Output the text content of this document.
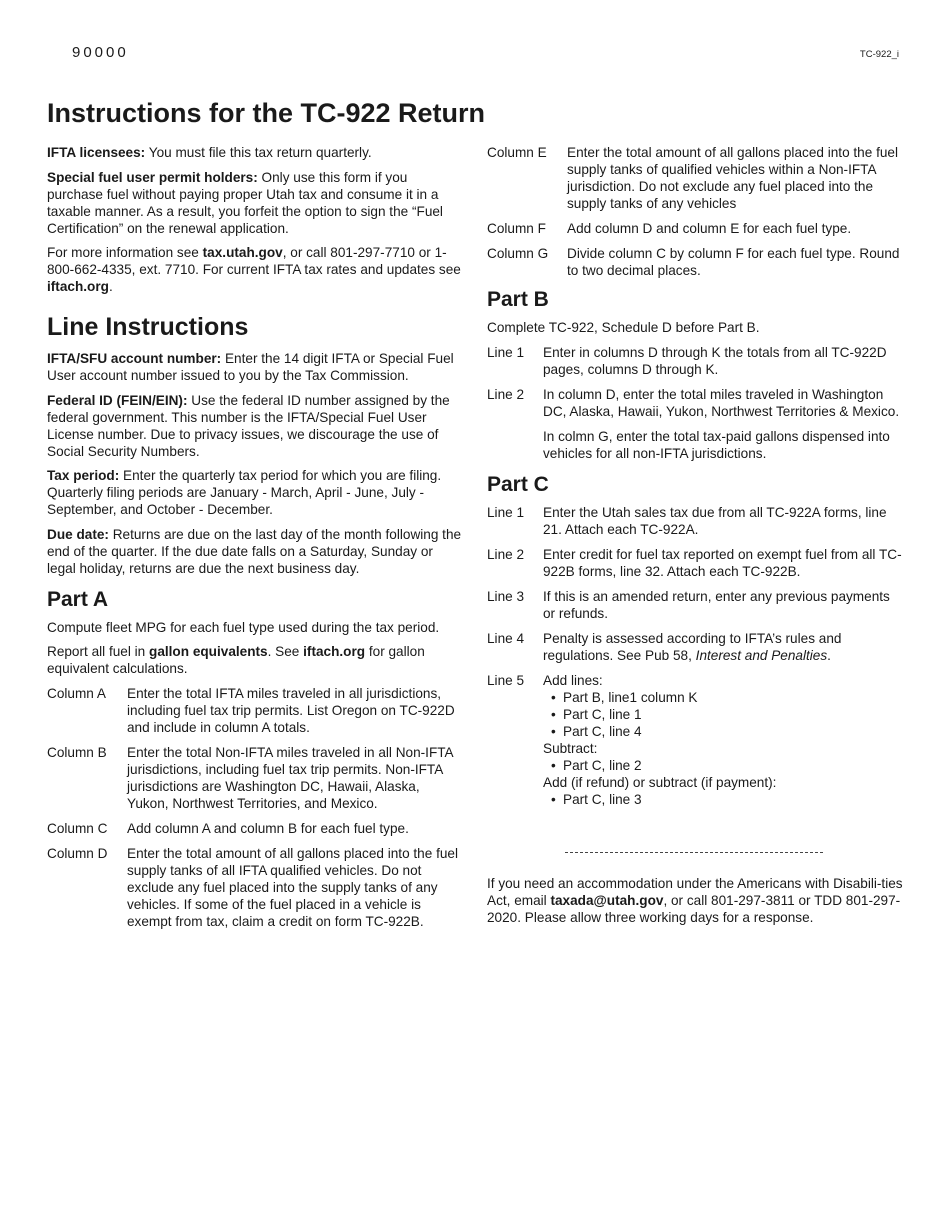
90000	TC-922_i
Instructions for the TC-922 Return

IFTA licensees: You must file this tax return quarterly.

Special fuel user permit holders: Only use this form if you purchase fuel without paying proper Utah tax and consume it in a taxable manner. As a result, you forfeit the option to sign the “Fuel Certification” on the renewal application.

For more information see tax.utah.gov, or call 801-297-7710 or 1-800-662-4335, ext. 7710. For current IFTA tax rates and updates see iftach.org.

Line Instructions

IFTA/SFU account number: Enter the 14 digit IFTA or Special Fuel User account number issued to you by the Tax Commission.

Federal ID (FEIN/EIN): Use the federal ID number assigned by the federal government. This number is the IFTA/Special Fuel User License number. Due to privacy issues, we discourage the use of Social Security Numbers.

Tax period: Enter the quarterly tax period for which you are filing. Quarterly filing periods are January - March, April - June, July - September, and October - December.

Due date: Returns are due on the last day of the month following the end of the quarter. If the due date falls on a Saturday, Sunday or legal holiday, returns are due the next business day.

Part A

Compute fleet MPG for each fuel type used during the tax period.

Report all fuel in gallon equivalents. See iftach.org for gallon equivalent calculations.

Column A	Enter the total IFTA miles traveled in all jurisdictions, including fuel tax trip permits. List Oregon on TC-922D and include in column A totals.
Column B	Enter the total Non-IFTA miles traveled in all Non-IFTA jurisdictions, including fuel tax trip permits. Non-IFTA jurisdictions are Washington DC, Hawaii, Alaska, Yukon, Northwest Territories, and Mexico.
Column C	Add column A and column B for each fuel type.
Column D	Enter the total amount of all gallons placed into the fuel supply tanks of all IFTA qualified vehicles. Do not exclude any fuel placed into the supply tanks of any vehicles. If some of the fuel placed in a vehicle is exempt from tax, claim a credit on form TC-922B.
Column E	Enter the total amount of all gallons placed into the fuel supply tanks of qualified vehicles within a Non-IFTA jurisdiction. Do not exclude any fuel placed into the supply tanks of any vehicles
Column F	Add column D and column E for each fuel type.
Column G	Divide column C by column F for each fuel type. Round to two decimal places.
Part B

Complete TC-922, Schedule D before Part B.

Line 1	Enter in columns D through K the totals from all TC-922D pages, columns D through K.
Line 2	In column D, enter the total miles traveled in Washington DC, Alaska, Hawaii, Yukon, Northwest Territories & Mexico.

In colmn G, enter the total tax-paid gallons dispensed into vehicles for all non-IFTA jurisdictions.

Part C
Line 1	Enter the Utah sales tax due from all TC-922A forms, line 21. Attach each TC-922A.
Line 2	Enter credit for fuel tax reported on exempt fuel from all TC-922B forms, line 32. Attach each TC-922B.
Line 3	If this is an amended return, enter any previous payments or refunds.
Line 4	Penalty is assessed according to IFTA’s rules and regulations. See Pub 58, Interest and Penalties.
Line 5	Add lines:
• Part B, line1 column K
• Part C, line 1
• Part C, line 4
Subtract:
• Part C, line 2
Add (if refund) or subtract (if payment):
• Part C, line 3

If you need an accommodation under the Americans with Disabili-ties Act, email taxada@utah.gov, or call 801-297-3811 or TDD 801-297-2020. Please allow three working days for a response.
